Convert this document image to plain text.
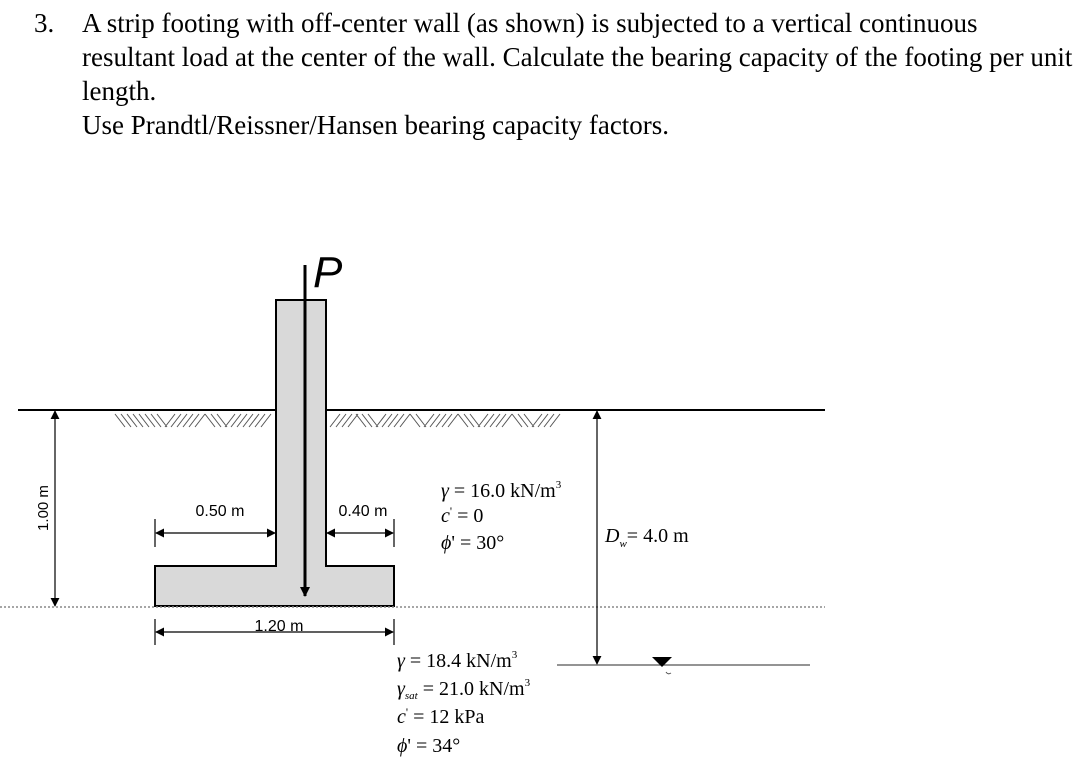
3. A strip footing with off-center wall (as shown) is subjected to a vertical continuous resultant load at the center of the wall. Calculate the bearing capacity of the footing per unit length.

Use Prandtl/Reissner/Hansen bearing capacity factors.

P
1.00 m	0.50 m	0.40 m
1.20 m
$D_w= 4.0$ m
γ = 16.0 $kN/m^3$
c' = 0
ϕ' = 30°
γ = 18.4 $kN/m^3$
$\gamma_{sat} = 21.0$ $kN/m^3$
c' = 12 kPa
ϕ' = 34°
